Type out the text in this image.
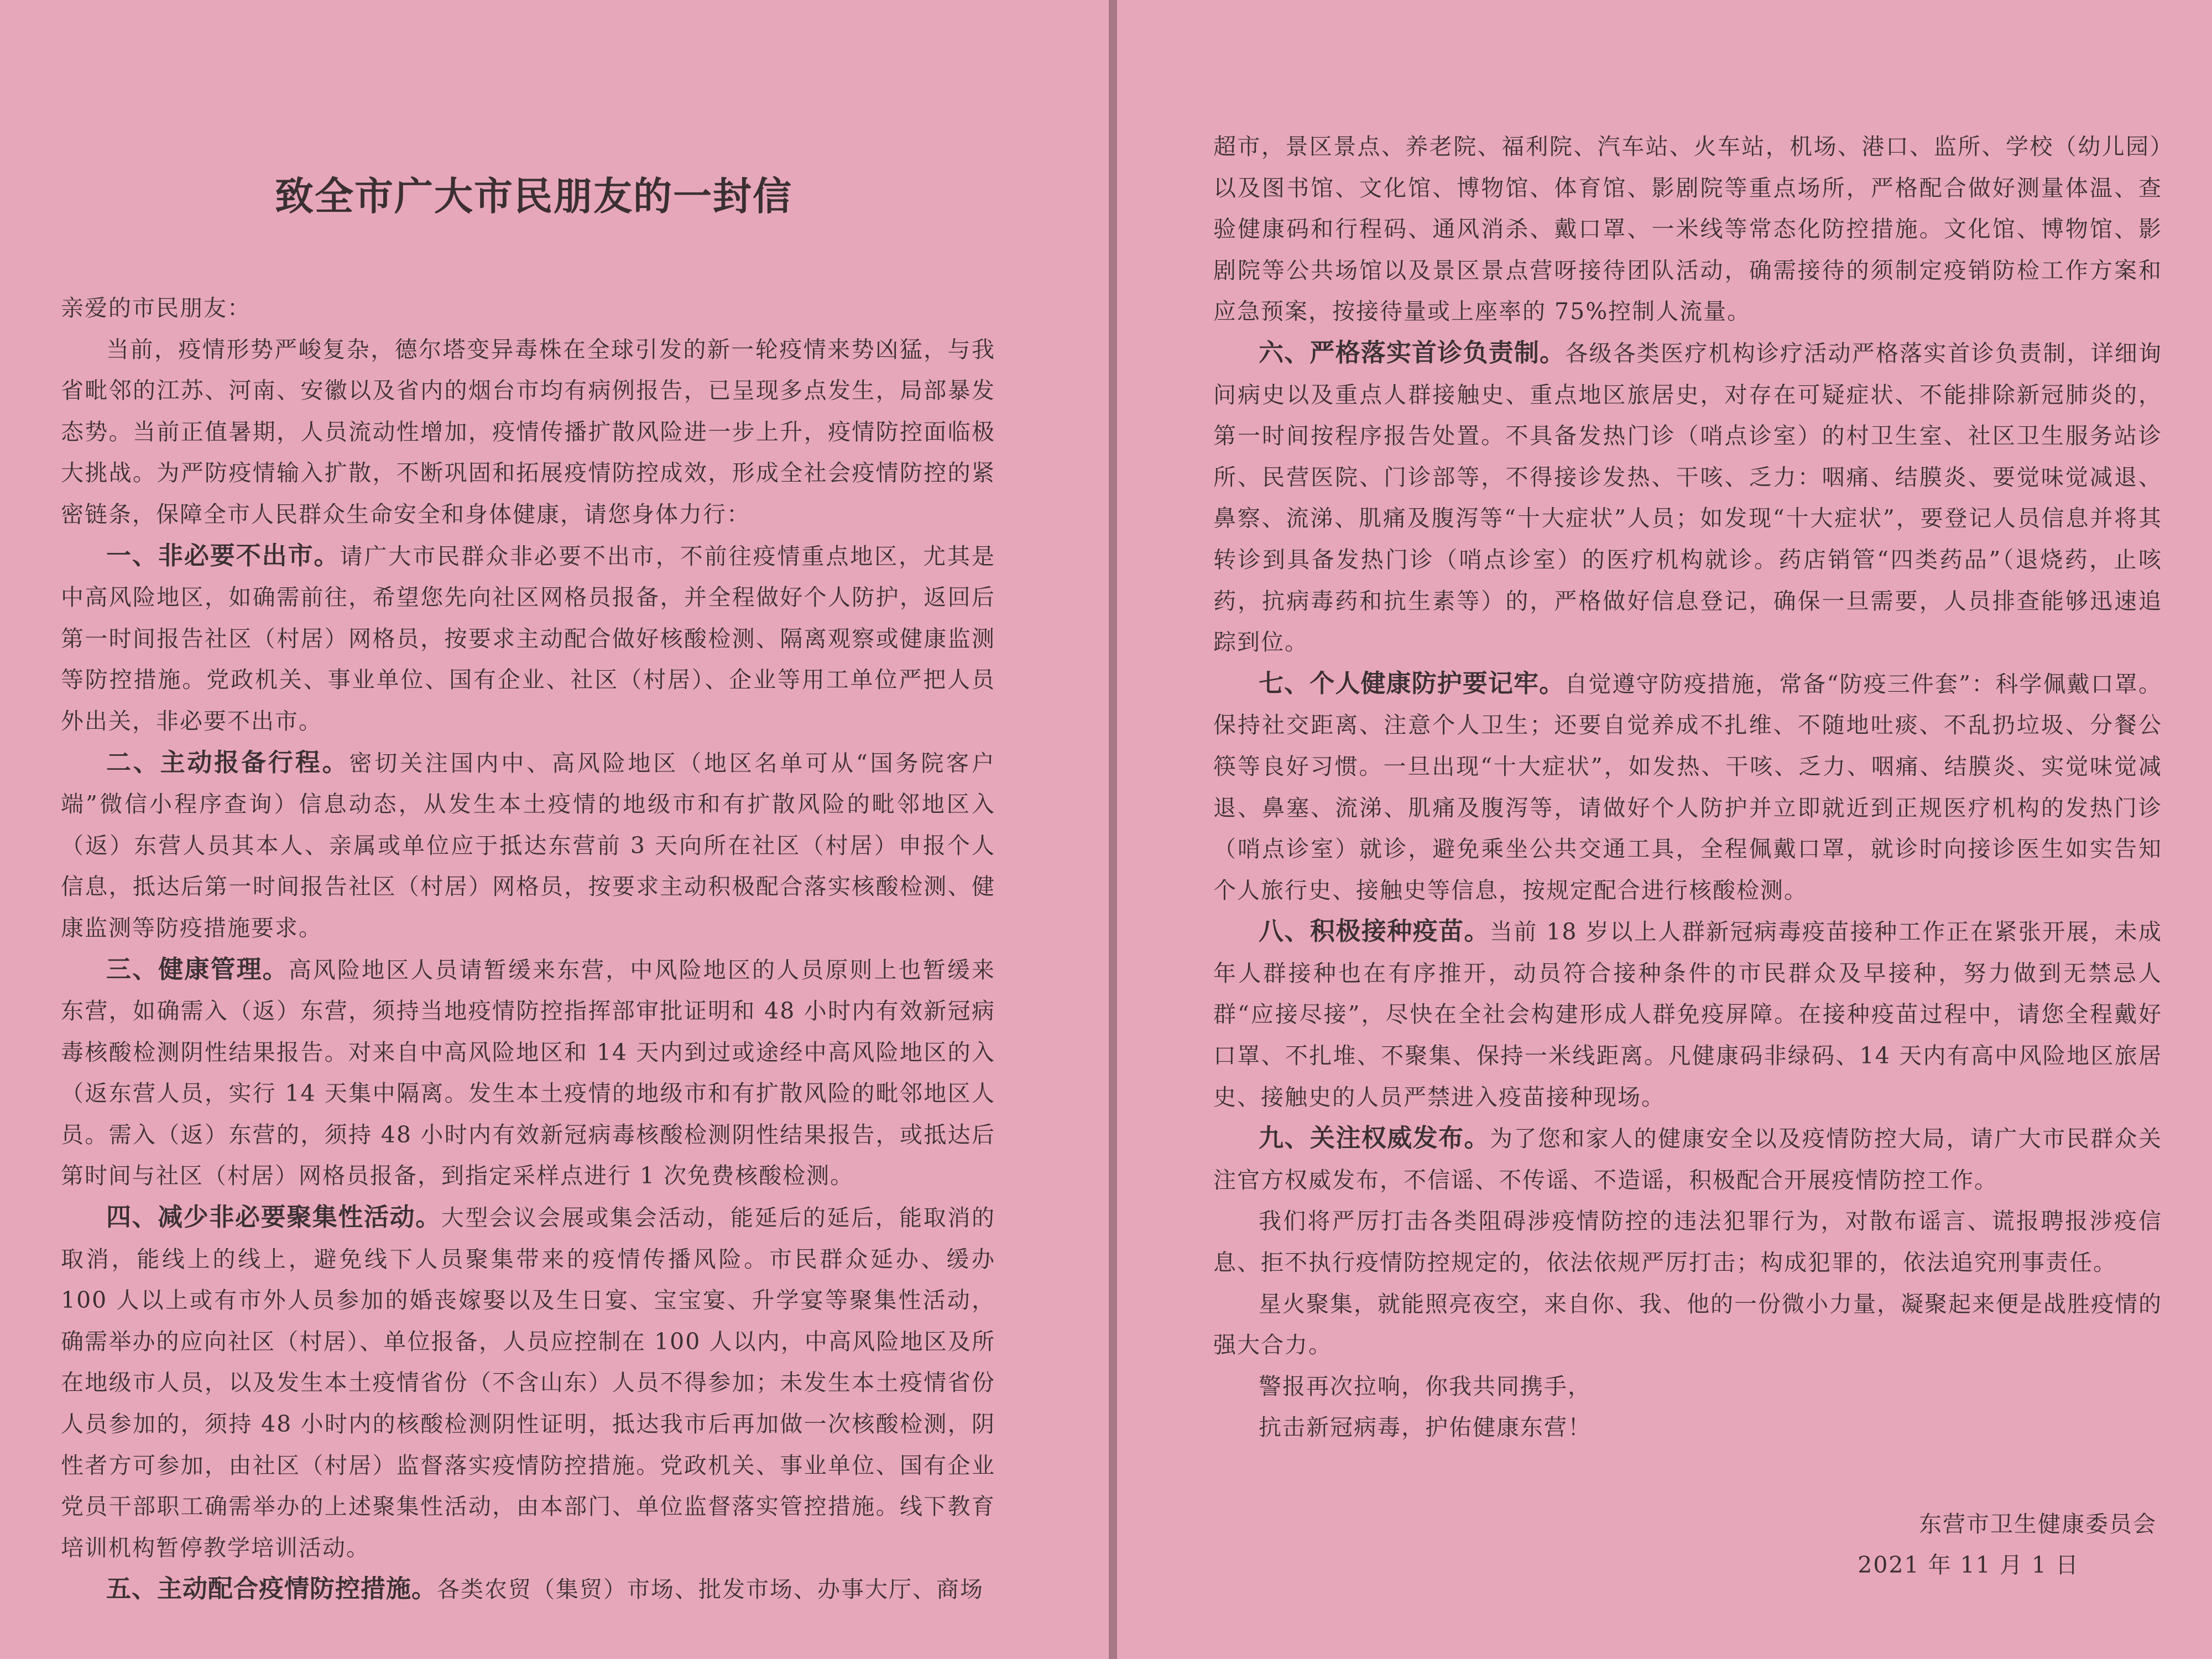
致全市广大市民朋友的一封信

亲爱的市民朋友：

当前，疫情形势严峻复杂，德尔塔变异毒株在全球引发的新一轮疫情来势凶猛，与我省毗邻的江苏、河南、安徽以及省内的烟台市均有病例报告，已呈现多点发生，局部暴发态势。当前正值暑期，人员流动性增加，疫情传播扩散风险进一步上升，疫情防控面临极大挑战。为严防疫情输入扩散，不断巩固和拓展疫情防控成效，形成全社会疫情防控的紧密链条，保障全市人民群众生命安全和身体健康，请您身体力行：

一、非必要不出市。请广大市民群众非必要不出市，不前往疫情重点地区，尤其是中高风险地区，如确需前往，希望您先向社区网格员报备，并全程做好个人防护，返回后第一时间报告社区（村居）网格员，按要求主动配合做好核酸检测、隔离观察或健康监测等防控措施。党政机关、事业单位、国有企业、社区（村居）、企业等用工单位严把人员外出关，非必要不出市。

二、主动报备行程。密切关注国内中、高风险地区（地区名单可从“国务院客户端”微信小程序查询）信息动态，从发生本土疫情的地级市和有扩散风险的毗邻地区入（返）东营人员其本人、亲属或单位应于抵达东营前 3 天向所在社区（村居）申报个人信息，抵达后第一时间报告社区（村居）网格员，按要求主动积极配合落实核酸检测、健康监测等防疫措施要求。

三、健康管理。高风险地区人员请暂缓来东营，中风险地区的人员原则上也暂缓来东营，如确需入（返）东营，须持当地疫情防控指挥部审批证明和 48 小时内有效新冠病毒核酸检测阴性结果报告。对来自中高风险地区和 14 天内到过或途经中高风险地区的入（返东营人员，实行 14 天集中隔离。发生本土疫情的地级市和有扩散风险的毗邻地区人员。需入（返）东营的，须持 48 小时内有效新冠病毒核酸检测阴性结果报告，或抵达后第时间与社区（村居）网格员报备，到指定采样点进行 1 次免费核酸检测。

四、减少非必要聚集性活动。大型会议会展或集会活动，能延后的延后，能取消的取消，能线上的线上，避免线下人员聚集带来的疫情传播风险。市民群众延办、缓办 100 人以上或有市外人员参加的婚丧嫁娶以及生日宴、宝宝宴、升学宴等聚集性活动，确需举办的应向社区（村居）、单位报备，人员应控制在 100 人以内，中高风险地区及所在地级市人员，以及发生本土疫情省份（不含山东）人员不得参加；未发生本土疫情省份人员参加的，须持 48 小时内的核酸检测阴性证明，抵达我市后再加做一次核酸检测，阴性者方可参加，由社区（村居）监督落实疫情防控措施。党政机关、事业单位、国有企业党员干部职工确需举办的上述聚集性活动，由本部门、单位监督落实管控措施。线下教育培训机构暂停教学培训活动。

五、主动配合疫情防控措施。各类农贸（集贸）市场、批发市场、办事大厅、商场

超市，景区景点、养老院、福利院、汽车站、火车站，机场、港口、监所、学校（幼儿园）以及图书馆、文化馆、博物馆、体育馆、影剧院等重点场所，严格配合做好测量体温、查验健康码和行程码、通风消杀、戴口罩、一米线等常态化防控措施。文化馆、博物馆、影剧院等公共场馆以及景区景点营呀接待团队活动，确需接待的须制定疫销防检工作方案和应急预案，按接待量或上座率的 75%控制人流量。

六、严格落实首诊负责制。各级各类医疗机构诊疗活动严格落实首诊负责制，详细询问病史以及重点人群接触史、重点地区旅居史，对存在可疑症状、不能排除新冠肺炎的，第一时间按程序报告处置。不具备发热门诊（哨点诊室）的村卫生室、社区卫生服务站诊所、民营医院、门诊部等，不得接诊发热、干咳、乏力：咽痛、结膜炎、要觉味觉减退、鼻察、流涕、肌痛及腹泻等“十大症状”人员；如发现“十大症状”，要登记人员信息并将其转诊到具备发热门诊（哨点诊室）的医疗机构就诊。药店销管“四类药品”（退烧药，止咳药，抗病毒药和抗生素等）的，严格做好信息登记，确保一旦需要，人员排查能够迅速追踪到位。

七、个人健康防护要记牢。自觉遵守防疫措施，常备“防疫三件套”：科学佩戴口罩。保持社交距离、注意个人卫生；还要自觉养成不扎维、不随地吐痰、不乱扔垃圾、分餐公筷等良好习惯。一旦出现“十大症状”，如发热、干咳、乏力、咽痛、结膜炎、实觉味觉减退、鼻塞、流涕、肌痛及腹泻等，请做好个人防护并立即就近到正规医疗机构的发热门诊（哨点诊室）就诊，避免乘坐公共交通工具，全程佩戴口罩，就诊时向接诊医生如实告知个人旅行史、接触史等信息，按规定配合进行核酸检测。

八、积极接种疫苗。当前 18 岁以上人群新冠病毒疫苗接种工作正在紧张开展，未成年人群接种也在有序推开，动员符合接种条件的市民群众及早接种，努力做到无禁忌人群“应接尽接”，尽快在全社会构建形成人群免疫屏障。在接种疫苗过程中，请您全程戴好口罩、不扎堆、不聚集、保持一米线距离。凡健康码非绿码、14 天内有高中风险地区旅居史、接触史的人员严禁进入疫苗接种现场。

九、关注权威发布。为了您和家人的健康安全以及疫情防控大局，请广大市民群众关注官方权威发布，不信谣、不传谣、不造谣，积极配合开展疫情防控工作。

我们将严厉打击各类阻碍涉疫情防控的违法犯罪行为，对散布谣言、谎报聘报涉疫信息、拒不执行疫情防控规定的，依法依规严厉打击；构成犯罪的，依法追究刑事责任。

星火聚集，就能照亮夜空，来自你、我、他的一份微小力量，凝聚起来便是战胜疫情的强大合力。

警报再次拉响，你我共同携手，

抗击新冠病毒，护佑健康东营！

东营市卫生健康委员会
2021 年 11 月 1 日
